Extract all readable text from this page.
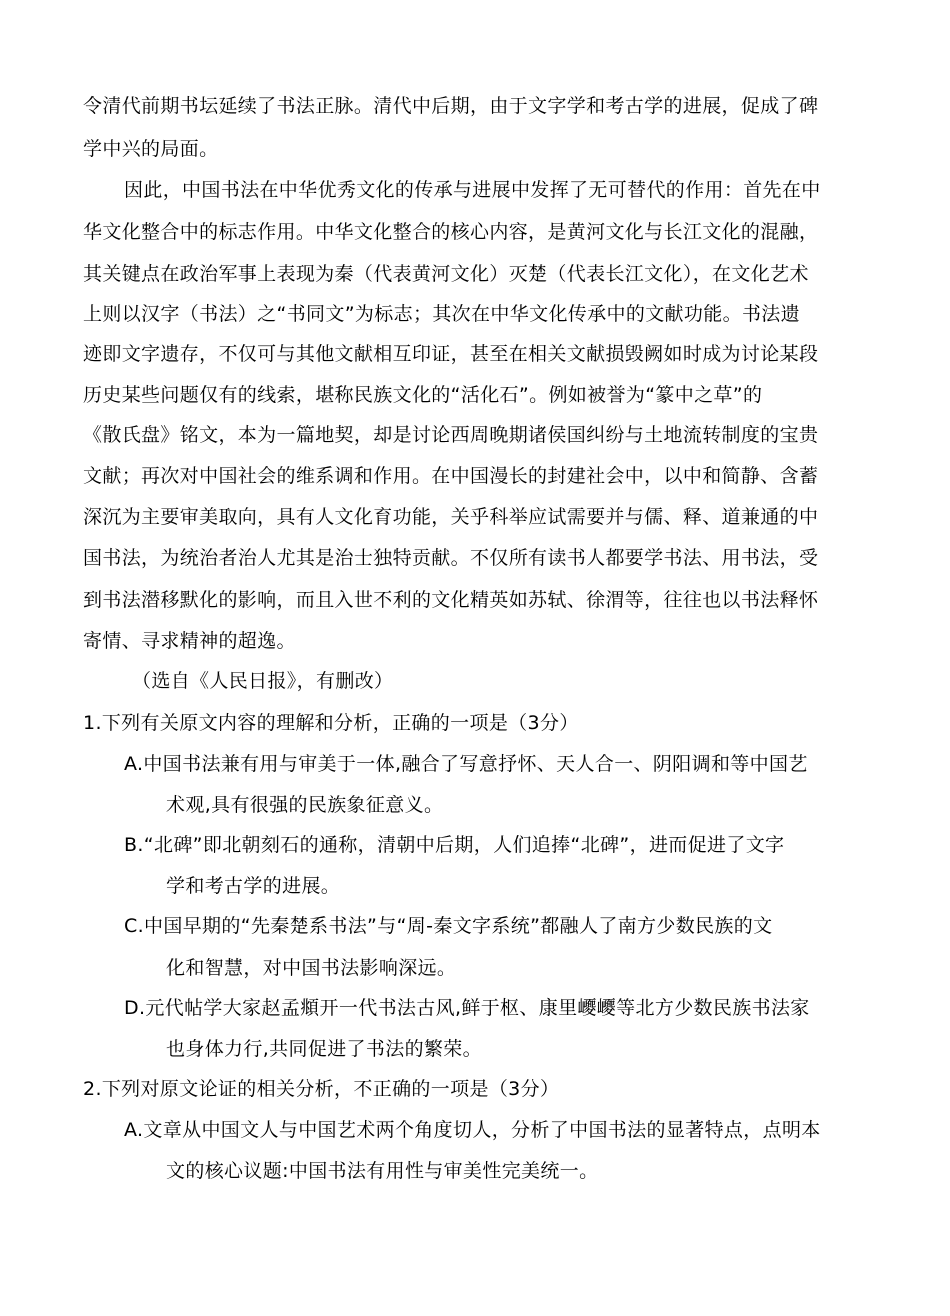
令清代前期书坛延续了书法正脉。清代中后期，由于文字学和考古学的进展，促成了碑
学中兴的局面。
因此，中国书法在中华优秀文化的传承与进展中发挥了无可替代的作用：首先在中
华文化整合中的标志作用。中华文化整合的核心内容，是黄河文化与长江文化的混融，
其关键点在政治军事上表现为秦（代表黄河文化）灭楚（代表长江文化），在文化艺术
上则以汉字（书法）之“书同文”为标志；其次在中华文化传承中的文献功能。书法遗
迹即文字遗存，不仅可与其他文献相互印证，甚至在相关文献损毁阙如时成为讨论某段
历史某些问题仅有的线索，堪称民族文化的“活化石”。例如被誉为“篆中之草”的
《散氏盘》铭文，本为一篇地契，却是讨论西周晚期诸侯国纠纷与土地流转制度的宝贵
文献；再次对中国社会的维系调和作用。在中国漫长的封建社会中，以中和简静、含蓄
深沉为主要审美取向，具有人文化育功能，关乎科举应试需要并与儒、释、道兼通的中
国书法，为统治者治人尤其是治士独特贡献。不仅所有读书人都要学书法、用书法，受
到书法潜移默化的影响，而且入世不利的文化精英如苏轼、徐渭等，往往也以书法释怀
寄情、寻求精神的超逸。
（选自《人民日报》，有删改）
1.下列有关原文内容的理解和分析，正确的一项是（3分）
A.中国书法兼有用与审美于一体,融合了写意抒怀、天人合一、阴阳调和等中国艺
术观,具有很强的民族象征意义。
B.“北碑”即北朝刻石的通称，清朝中后期，人们追捧“北碑”，进而促进了文字
学和考古学的进展。
C.中国早期的“先秦楚系书法”与“周-秦文字系统”都融人了南方少数民族的文
化和智慧，对中国书法影响深远。
D.元代帖学大家赵孟頫开一代书法古风,鲜于枢、康里巎巎等北方少数民族书法家
也身体力行,共同促进了书法的繁荣。
2.下列对原文论证的相关分析，不正确的一项是（3分）
A.文章从中国文人与中国艺术两个角度切人，分析了中国书法的显著特点，点明本
文的核心议题:中国书法有用性与审美性完美统一。
